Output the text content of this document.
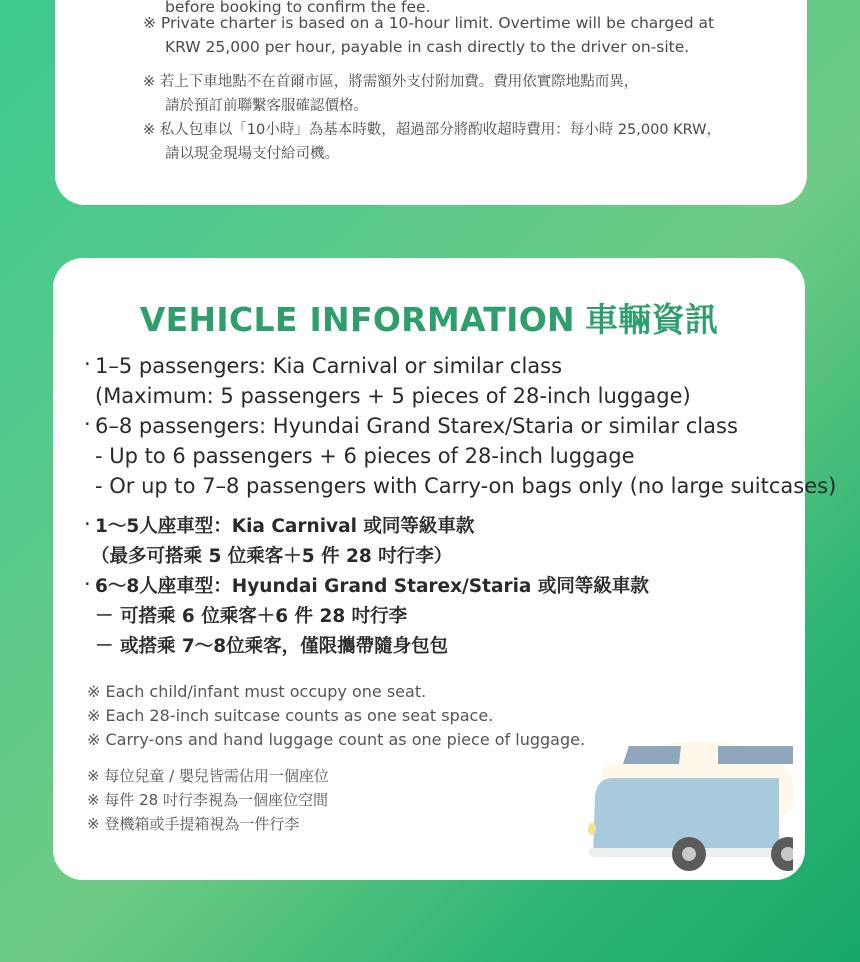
before booking to confirm the fee.
※ Private charter is based on a 10-hour limit. Overtime will be charged at
KRW 25,000 per hour, payable in cash directly to the driver on-site.
※ 若上下車地點不在首爾市區，將需額外支付附加費。費用依實際地點而異，
請於預訂前聯繫客服確認價格。
※ 私人包車以「10小時」為基本時數，超過部分將酌收超時費用：每小時 25,000 KRW，
請以現金現場支付給司機。
VEHICLE INFORMATION 車輛資訊
· 1–5 passengers: Kia Carnival or similar class
(Maximum: 5 passengers + 5 pieces of 28-inch luggage)
· 6–8 passengers: Hyundai Grand Starex/Staria or similar class
- Up to 6 passengers + 6 pieces of 28-inch luggage
- Or up to 7–8 passengers with Carry-on bags only (no large suitcases)
· 1～5人座車型：Kia Carnival 或同等級車款
（最多可搭乘 5 位乘客＋5 件 28 吋行李）
· 6～8人座車型：Hyundai Grand Starex/Staria 或同等級車款
－ 可搭乘 6 位乘客＋6 件 28 吋行李
－ 或搭乘 7～8位乘客，僅限攜帶隨身包包
※ Each child/infant must occupy one seat.
※ Each 28-inch suitcase counts as one seat space.
※ Carry-ons and hand luggage count as one piece of luggage.
※ 每位兒童 / 嬰兒皆需佔用一個座位
※ 每件 28 吋行李視為一個座位空間
※ 登機箱或手提箱視為一件行李
